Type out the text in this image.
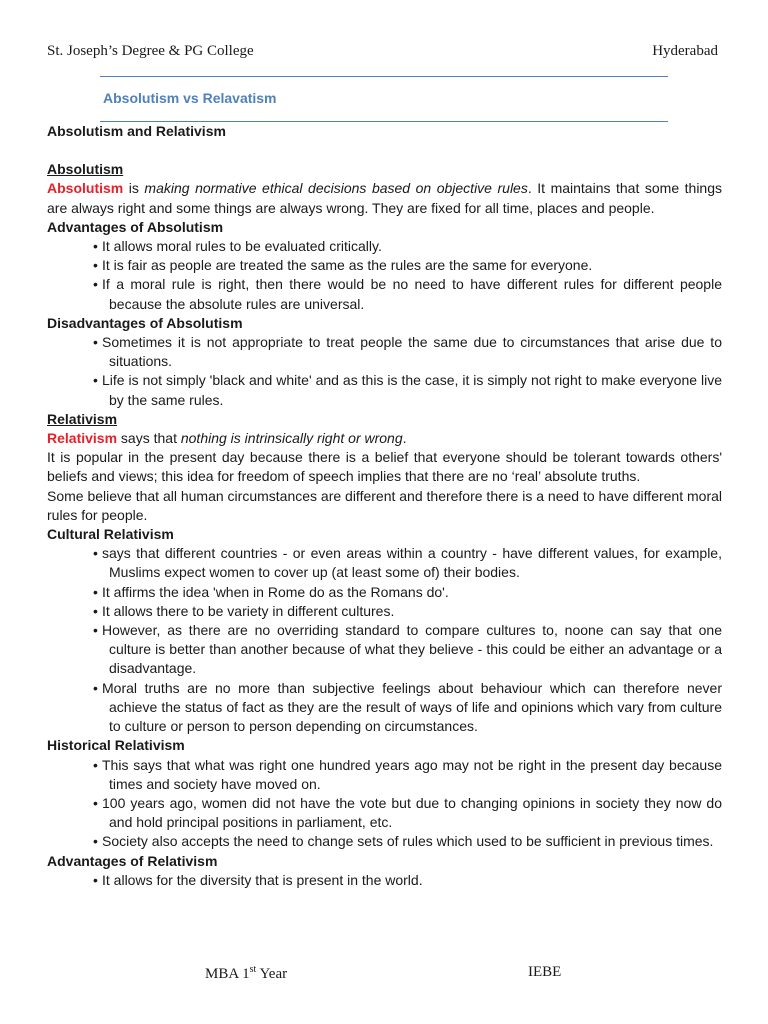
St. Joseph’s Degree & PG College	Hyderabad
Absolutism vs Relavatism

Absolutism and Relativism

Absolutism

Absolutism is making normative ethical decisions based on objective rules. It maintains that some things are always right and some things are always wrong. They are fixed for all time, places and people.

Advantages of Absolutism

• It allows moral rules to be evaluated critically.
• It is fair as people are treated the same as the rules are the same for everyone.
• If a moral rule is right, then there would be no need to have different rules for different people because the absolute rules are universal.

Disadvantages of Absolutism

• Sometimes it is not appropriate to treat people the same due to circumstances that arise due to situations.
• Life is not simply 'black and white' and as this is the case, it is simply not right to make everyone live by the same rules.

Relativism

Relativism says that nothing is intrinsically right or wrong.

It is popular in the present day because there is a belief that everyone should be tolerant towards others' beliefs and views; this idea for freedom of speech implies that there are no ‘real’ absolute truths.

Some believe that all human circumstances are different and therefore there is a need to have different moral rules for people.

Cultural Relativism

• says that different countries - or even areas within a country - have different values, for example, Muslims expect women to cover up (at least some of) their bodies.
• It affirms the idea 'when in Rome do as the Romans do'.
• It allows there to be variety in different cultures.
• However, as there are no overriding standard to compare cultures to, noone can say that one culture is better than another because of what they believe - this could be either an advantage or a disadvantage.
• Moral truths are no more than subjective feelings about behaviour which can therefore never achieve the status of fact as they are the result of ways of life and opinions which vary from culture to culture or person to person depending on circumstances.

Historical Relativism

• This says that what was right one hundred years ago may not be right in the present day because times and society have moved on.
• 100 years ago, women did not have the vote but due to changing opinions in society they now do and hold principal positions in parliament, etc.
• Society also accepts the need to change sets of rules which used to be sufficient in previous times.

Advantages of Relativism

• It allows for the diversity that is present in the world.
MBA 1st Year	IEBE
